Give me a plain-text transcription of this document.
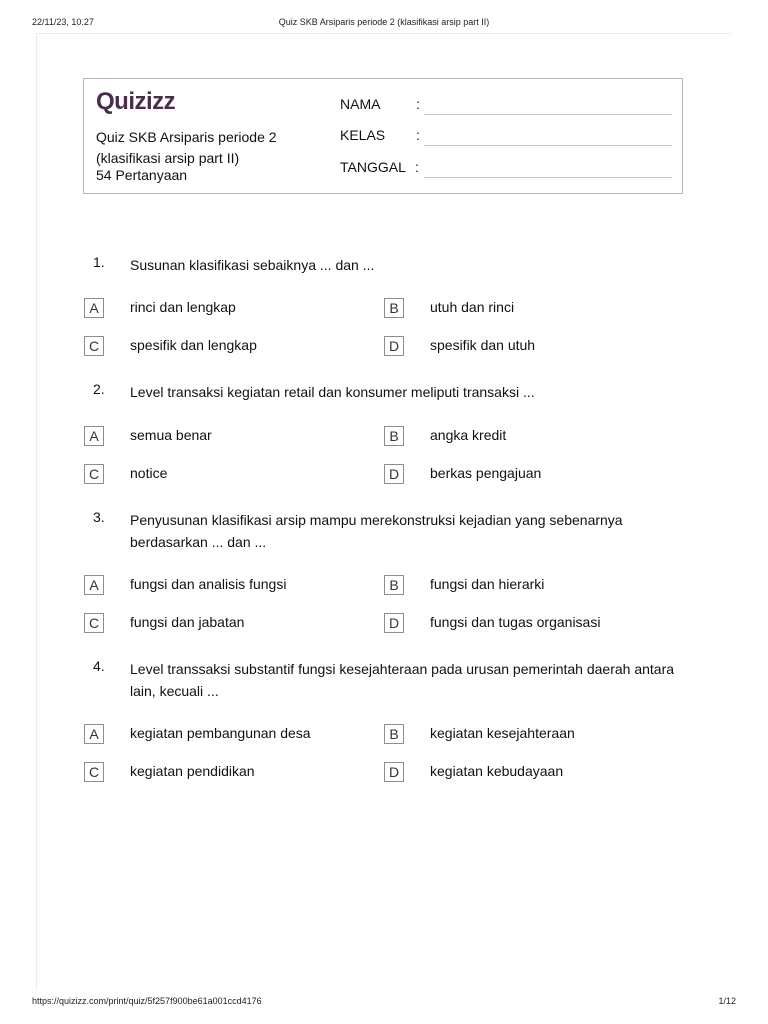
22/11/23, 10.27	Quiz SKB Arsiparis periode 2 (klasifikasi arsip part II)
Quizizz
Quiz SKB Arsiparis periode 2 (klasifikasi arsip part II)
54 Pertanyaan
NAMA	:
KELAS :
TANGGAL :
1. Susunan klasifikasi sebaiknya ... dan ...
A	rinci dan lengkap	B	utuh dan rinci
C	spesifik dan lengkap	D	spesifik dan utuh
2. Level transaksi kegiatan retail dan konsumer meliputi transaksi ...
A	semua benar	B	angka kredit
C	notice	D	berkas pengajuan
3. Penyusunan klasifikasi arsip mampu merekonstruksi kejadian yang sebenarnya berdasarkan ... dan ...
A	fungsi dan analisis fungsi	B	fungsi dan hierarki
C	fungsi dan jabatan	D	fungsi dan tugas organisasi
4. Level transsaksi substantif fungsi kesejahteraan pada urusan pemerintah daerah antara lain, kecuali ...
A	kegiatan pembangunan desa	B	kegiatan kesejahteraan
C	kegiatan pendidikan	D	kegiatan kebudayaan
https://quizizz.com/print/quiz/5f257f900be61a001ccd4176	1/12
